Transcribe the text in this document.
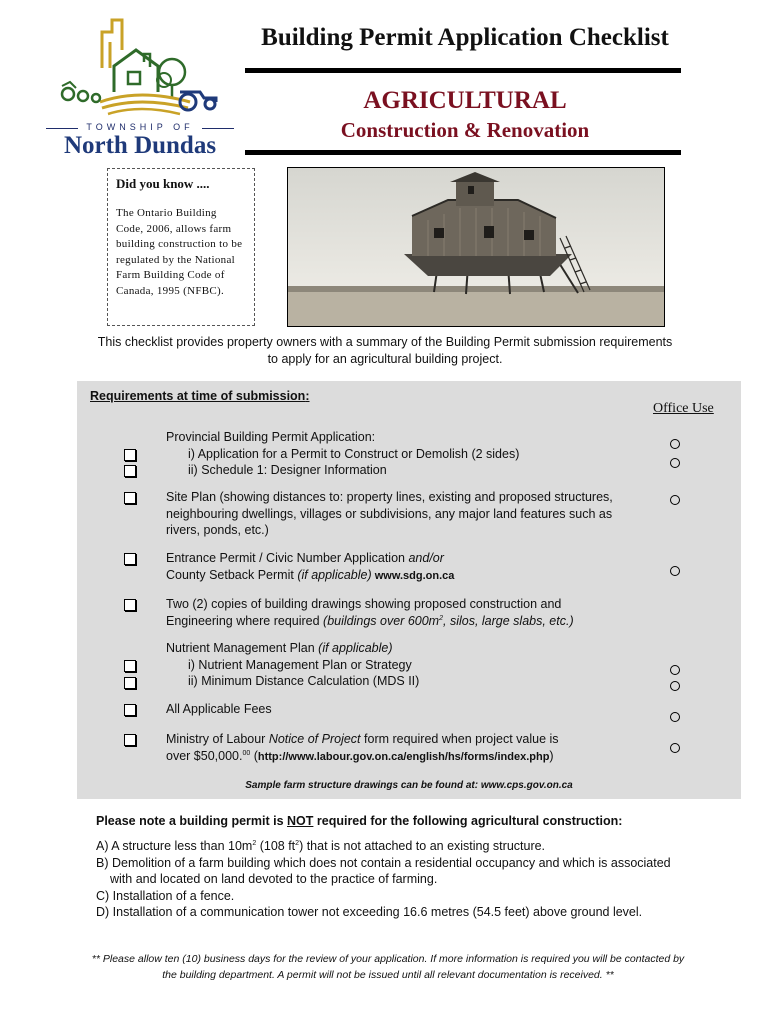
TOWNSHIP OF
North Dundas
Building Permit Application Checklist
AGRICULTURAL
Construction & Renovation

Did you know ....

The Ontario Building Code, 2006, allows farm building construction to be regulated by the National Farm Building Code of Canada, 1995 (NFBC).
This checklist provides property owners with a summary of the Building Permit submission requirements to apply for an agricultural building project.
Requirements at time of submission:
Office Use
Provincial Building Permit Application:
i) Application for a Permit to Construct or Demolish (2 sides)
ii) Schedule 1: Designer Information
Site Plan (showing distances to: property lines, existing and proposed structures, neighbouring dwellings, villages or subdivisions, any major land features such as rivers, ponds, etc.)
Entrance Permit / Civic Number Application and/or
County Setback Permit (if applicable) www.sdg.on.ca
Two (2) copies of building drawings showing proposed construction and
Engineering where required (buildings over $600m^2$, silos, large slabs, etc.)
Nutrient Management Plan (if applicable)
i) Nutrient Management Plan or Strategy
ii) Minimum Distance Calculation (MDS II)
All Applicable Fees
Ministry of Labour Notice of Project form required when project value is
over $50,000.00 (http://www.labour.gov.on.ca/english/hs/forms/index.php)
Sample farm structure drawings can be found at: www.cps.gov.on.ca
Please note a building permit is NOT required for the following agricultural construction:
A) A structure less than $10m^2$ (108 $ft^2$) that is not attached to an existing structure.
B) Demolition of a farm building which does not contain a residential occupancy and which is associated with and located on land devoted to the practice of farming.
C) Installation of a fence.
D) Installation of a communication tower not exceeding 16.6 metres (54.5 feet) above ground level.
** Please allow ten (10) business days for the review of your application. If more information is required you will be contacted by the building department. A permit will not be issued until all relevant documentation is received. **
